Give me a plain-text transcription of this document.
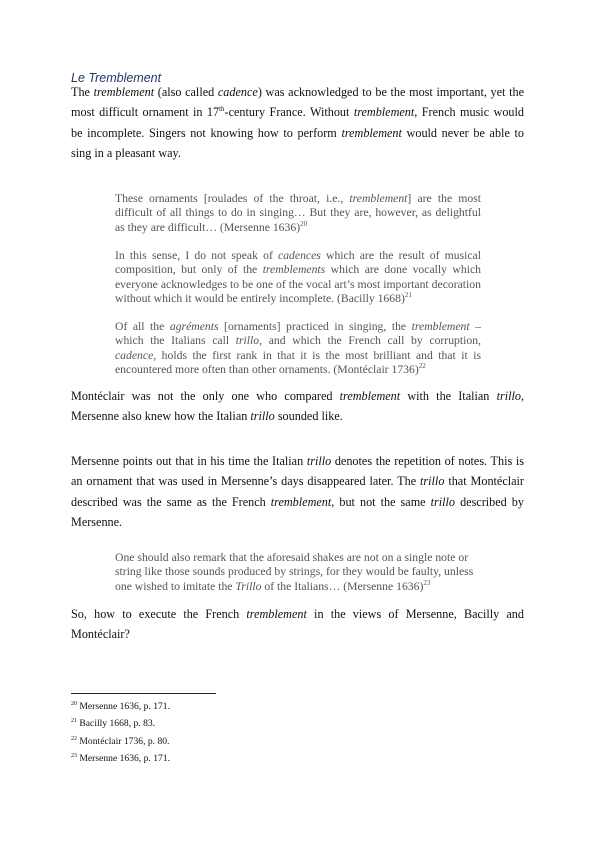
Le Tremblement

The tremblement (also called cadence) was acknowledged to be the most important, yet the most difficult ornament in 17th-century France. Without tremblement, French music would be incomplete. Singers not knowing how to perform tremblement would never be able to sing in a pleasant way.

These ornaments [roulades of the throat, i.e., tremblement] are the most difficult of all things to do in singing… But they are, however, as delightful as they are difficult… (Mersenne 1636)$^{20}$

In this sense, I do not speak of cadences which are the result of musical composition, but only of the tremblements which are done vocally which everyone acknowledges to be one of the vocal art’s most important decoration without which it would be entirely incomplete. (Bacilly 1668)$^{21}$

Of all the agréments [ornaments] practiced in singing, the tremblement – which the Italians call trillo, and which the French call by corruption, cadence, holds the first rank in that it is the most brilliant and that it is encountered more often than other ornaments. (Montéclair 1736)$^{22}$

Montéclair was not the only one who compared tremblement with the Italian trillo, Mersenne also knew how the Italian trillo sounded like.

Mersenne points out that in his time the Italian trillo denotes the repetition of notes. This is an ornament that was used in Mersenne’s days disappeared later. The trillo that Montéclair described was the same as the French tremblement, but not the same trillo described by Mersenne.

One should also remark that the aforesaid shakes are not on a single note or string like those sounds produced by strings, for they would be faulty, unless one wished to imitate the Trillo of the Italians… (Mersenne 1636)$^{23}$

So, how to execute the French tremblement in the views of Mersenne, Bacilly and Montéclair?

$^{20}$ Mersenne 1636, p. 171.
$^{21}$ Bacilly 1668, p. 83.
$^{22}$ Montéclair 1736, p. 80.
$^{23}$ Mersenne 1636, p. 171.
